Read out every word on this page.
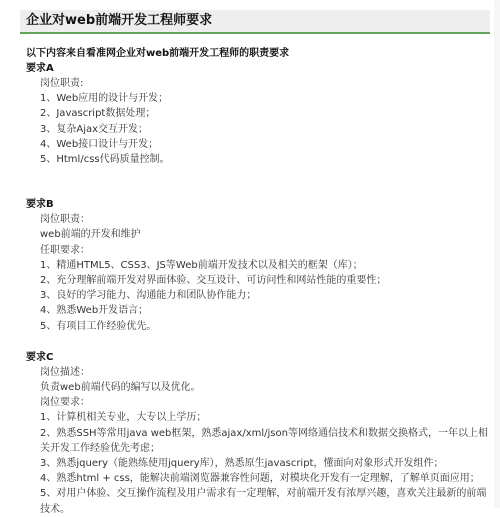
企业对web前端开发工程师要求

以下内容来自看准网企业对web前端开发工程师的职责要求

要求A

岗位职责:

1、Web应用的设计与开发；

2、Javascript数据处理；

3、复杂Ajax交互开发；

4、Web接口设计与开发；

5、Html/css代码质量控制。

要求B

岗位职责：

web前端的开发和维护

任职要求：

1、精通HTML5、CSS3、JS等Web前端开发技术以及相关的框架（库）；

2、充分理解前端开发对界面体验、交互设计、可访问性和网站性能的重要性；

3、良好的学习能力、沟通能力和团队协作能力；

4、熟悉Web开发语言；

5、有项目工作经验优先。

要求C

岗位描述：

负责web前端代码的编写以及优化。

岗位要求：

1、计算机相关专业，大专以上学历；

2、熟悉SSH等常用java web框架，熟悉ajax/xml/json等网络通信技术和数据交换格式，一年以上相关开发工作经验优先考虑；

3、熟悉jquery（能熟练使用jquery库），熟悉原生javascript，懂面向对象形式开发组件；

4、熟悉html + css，能解决前端浏览器兼容性问题，对模块化开发有一定理解，了解单页面应用；

5、对用户体验、交互操作流程及用户需求有一定理解，对前端开发有浓厚兴趣，喜欢关注最新的前端技术。
